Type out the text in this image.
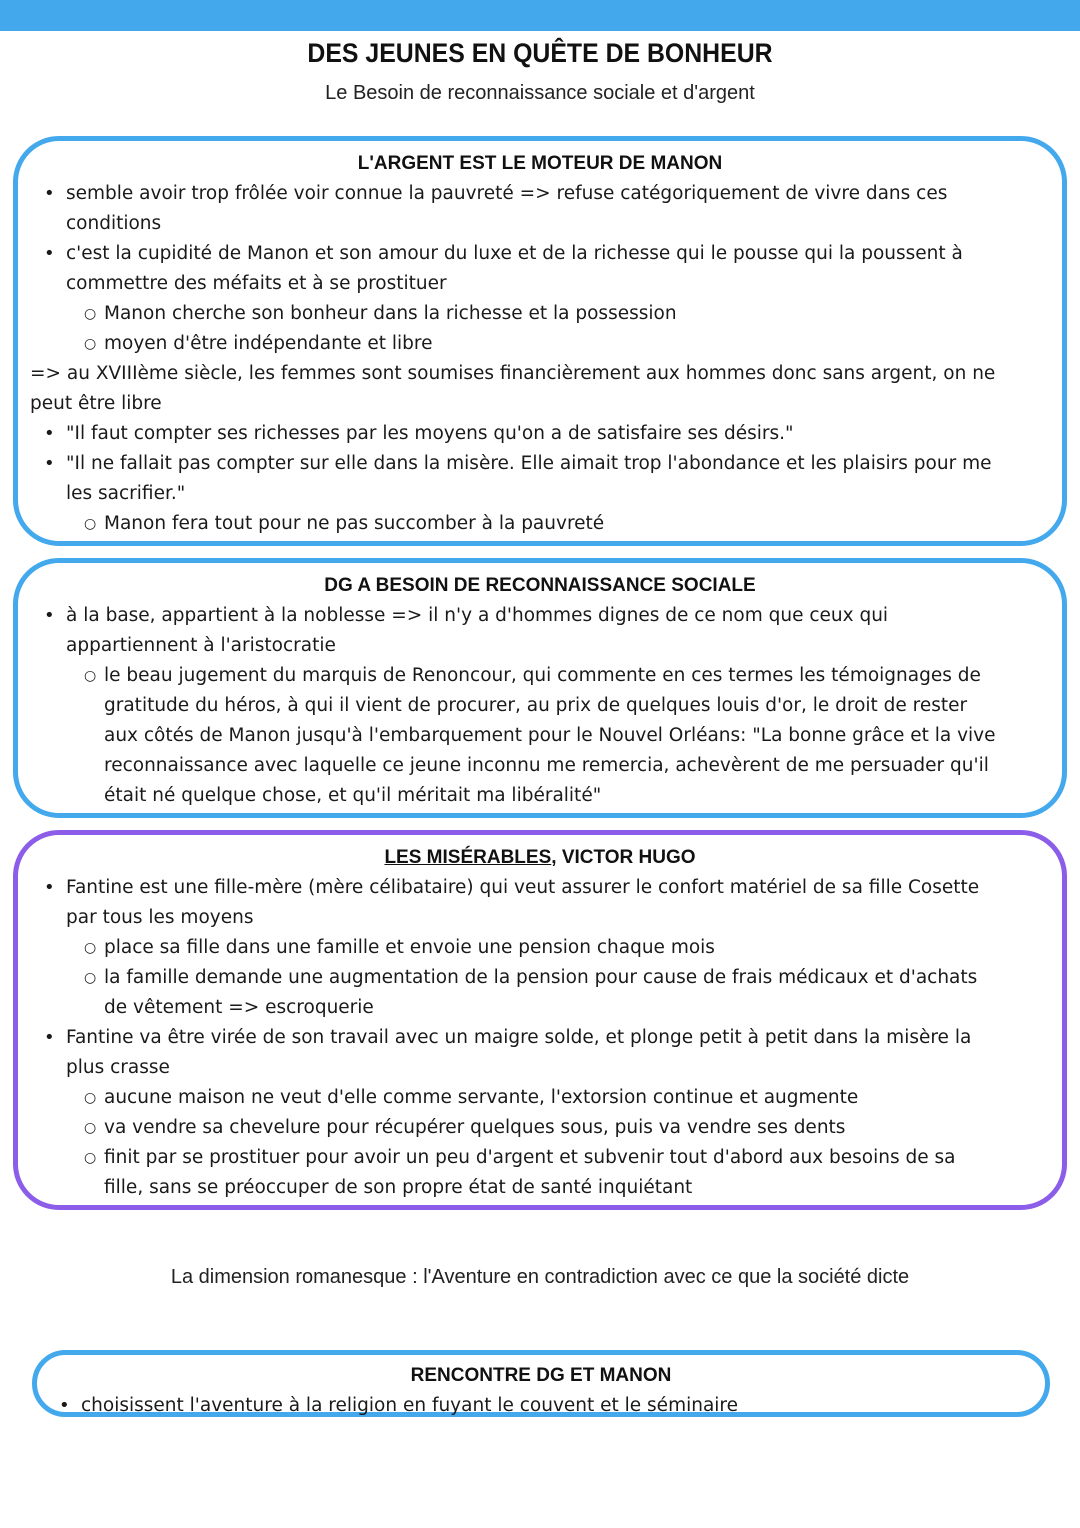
DES JEUNES EN QUÊTE DE BONHEUR
Le Besoin de reconnaissance sociale et d'argent
L'ARGENT EST LE MOTEUR DE MANON
• semble avoir trop frôlée voir connue la pauvreté => refuse catégoriquement de vivre dans ces
conditions
• c'est la cupidité de Manon et son amour du luxe et de la richesse qui le pousse qui la poussent à
commettre des méfaits et à se prostituer
○ Manon cherche son bonheur dans la richesse et la possession
○ moyen d'être indépendante et libre
=> au XVIIIème siècle, les femmes sont soumises financièrement aux hommes donc sans argent, on ne
peut être libre
• "Il faut compter ses richesses par les moyens qu'on a de satisfaire ses désirs."
• "Il ne fallait pas compter sur elle dans la misère. Elle aimait trop l'abondance et les plaisirs pour me
les sacrifier."
○ Manon fera tout pour ne pas succomber à la pauvreté
DG A BESOIN DE RECONNAISSANCE SOCIALE
• à la base, appartient à la noblesse => il n'y a d'hommes dignes de ce nom que ceux qui
appartiennent à l'aristocratie
○ le beau jugement du marquis de Renoncour, qui commente en ces termes les témoignages de
gratitude du héros, à qui il vient de procurer, au prix de quelques louis d'or, le droit de rester
aux côtés de Manon jusqu'à l'embarquement pour le Nouvel Orléans: "La bonne grâce et la vive
reconnaissance avec laquelle ce jeune inconnu me remercia, achevèrent de me persuader qu'il
était né quelque chose, et qu'il méritait ma libéralité"
LES MISÉRABLES, VICTOR HUGO
• Fantine est une fille-mère (mère célibataire) qui veut assurer le confort matériel de sa fille Cosette
par tous les moyens
○ place sa fille dans une famille et envoie une pension chaque mois
○ la famille demande une augmentation de la pension pour cause de frais médicaux et d'achats
de vêtement => escroquerie
• Fantine va être virée de son travail avec un maigre solde, et plonge petit à petit dans la misère la
plus crasse
○ aucune maison ne veut d'elle comme servante, l'extorsion continue et augmente
○ va vendre sa chevelure pour récupérer quelques sous, puis va vendre ses dents
○ finit par se prostituer pour avoir un peu d'argent et subvenir tout d'abord aux besoins de sa
fille, sans se préoccuper de son propre état de santé inquiétant
La dimension romanesque : l'Aventure en contradiction avec ce que la société dicte
RENCONTRE DG ET MANON
• choisissent l'aventure à la religion en fuyant le couvent et le séminaire
